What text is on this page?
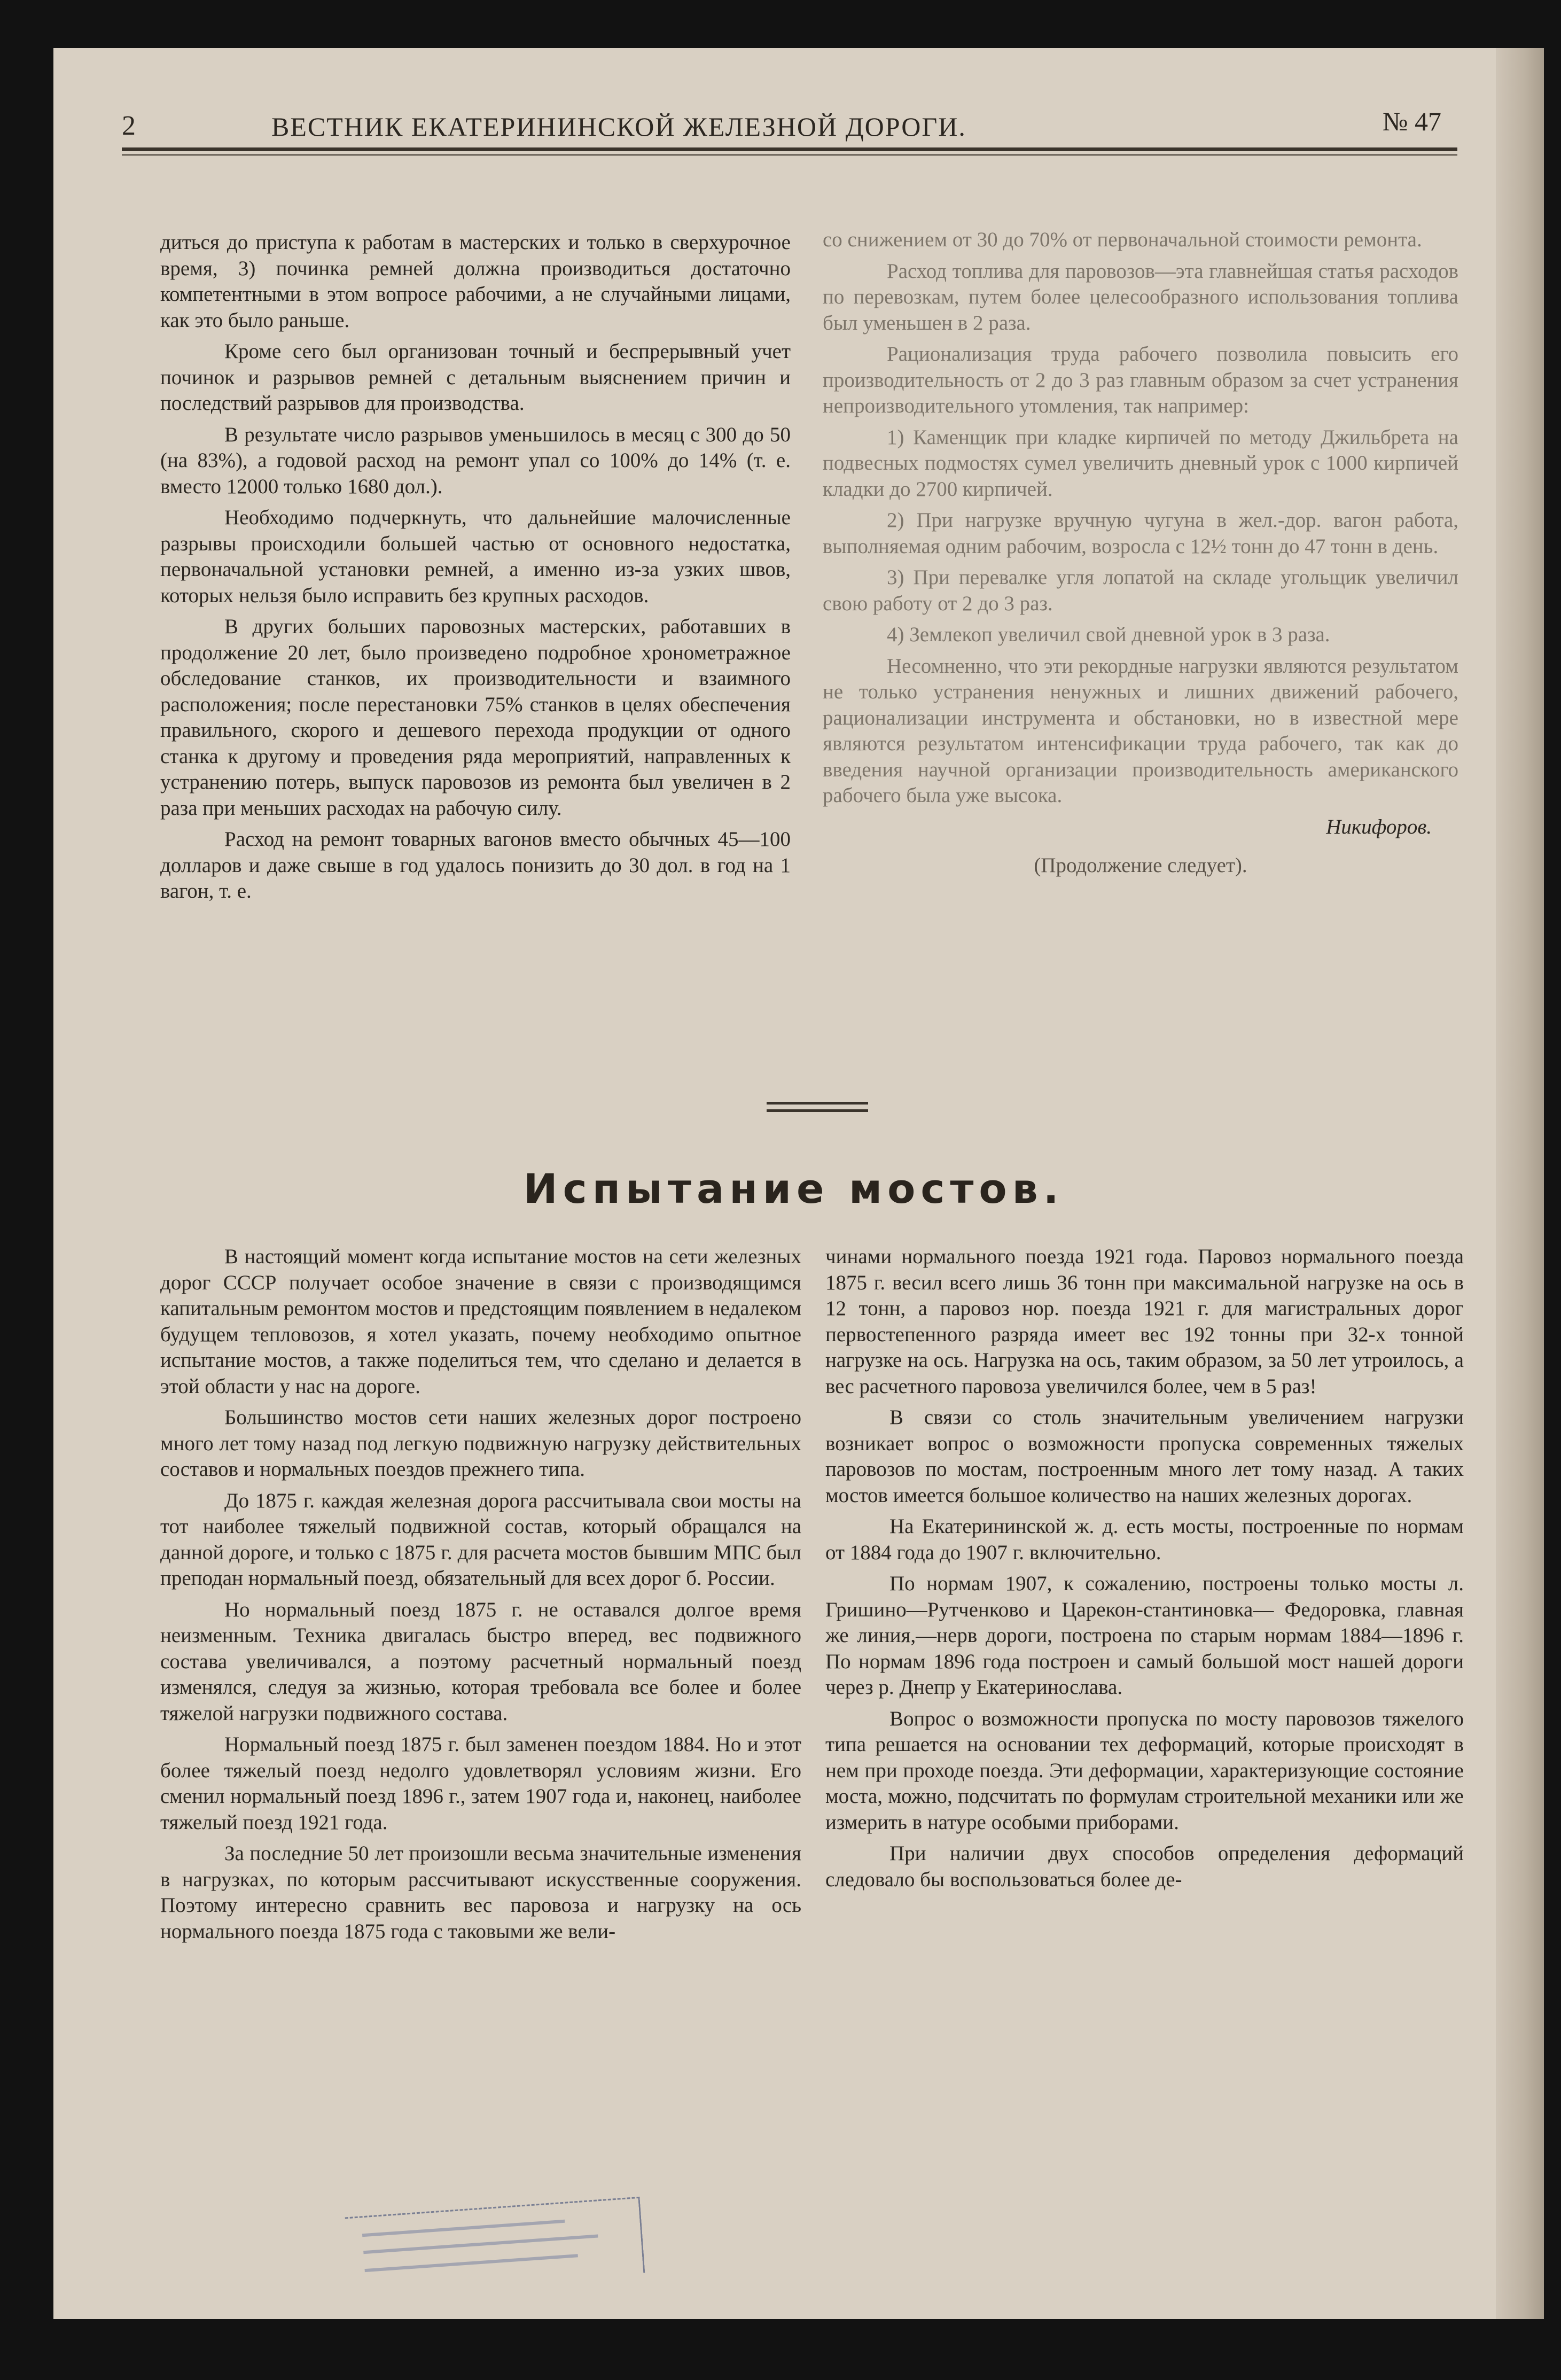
2	ВЕСТНИК ЕКАТЕРИНИНСКОЙ ЖЕЛЕЗНОЙ ДОРОГИ.	№ 47

диться до приступа к работам в мастерских и только в сверхурочное время, 3) починка ремней должна производиться достаточно компетентными в этом вопросе рабочими, а не случайными лицами, как это было раньше.

Кроме сего был организован точный и беспрерывный учет починок и разрывов ремней с детальным выяснением причин и последствий разрывов для производства.

В результате число разрывов уменьшилось в месяц с 300 до 50 (на 83%), а годовой расход на ремонт упал со 100% до 14% (т. е. вместо 12000 только 1680 дол.).

Необходимо подчеркнуть, что дальнейшие малочисленные разрывы происходили большей частью от основного недостатка, первоначальной установки ремней, а именно из-за узких швов, которых нельзя было исправить без крупных расходов.

В других больших паровозных мастерских, работавших в продолжение 20 лет, было произведено подробное хронометражное обследование станков, их производительности и взаимного расположения; после перестановки 75% станков в целях обеспечения правильного, скорого и дешевого перехода продукции от одного станка к другому и проведения ряда мероприятий, направленных к устранению потерь, выпуск паровозов из ремонта был увеличен в 2 раза при меньших расходах на рабочую силу.

Расход на ремонт товарных вагонов вместо обычных 45—100 долларов и даже свыше в год удалось понизить до 30 дол. в год на 1 вагон, т. е.

со снижением от 30 до 70% от первоначальной стоимости ремонта.

Расход топлива для паровозов—эта главнейшая статья расходов по перевозкам, путем более целесообразного использования топлива был уменьшен в 2 раза.

Рационализация труда рабочего позволила повысить его производительность от 2 до 3 раз главным образом за счет устранения непроизводительного утомления, так например:

1) Каменщик при кладке кирпичей по методу Джильбрета на подвесных подмостях сумел увеличить дневный урок с 1000 кирпичей кладки до 2700 кирпичей.

2) При нагрузке вручную чугуна в жел.-дор. вагон работа, выполняемая одним рабочим, возросла с 12½ тонн до 47 тонн в день.

3) При перевалке угля лопатой на складе угольщик увеличил свою работу от 2 до 3 раз.

4) Землекоп увеличил свой дневной урок в 3 раза.

Несомненно, что эти рекордные нагрузки являются результатом не только устранения ненужных и лишних движений рабочего, рационализации инструмента и обстановки, но в известной мере являются результатом интенсификации труда рабочего, так как до введения научной организации производительность американского рабочего была уже высока.

Никифоров.

(Продолжение следует).

Испытание мостов.

В настоящий момент когда испытание мостов на сети железных дорог СССР получает особое значение в связи с производящимся капитальным ремонтом мостов и предстоящим появлением в недалеком будущем тепловозов, я хотел указать, почему необходимо опытное испытание мостов, а также поделиться тем, что сделано и делается в этой области у нас на дороге.

Большинство мостов сети наших железных дорог построено много лет тому назад под легкую подвижную нагрузку действительных составов и нормальных поездов прежнего типа.

До 1875 г. каждая железная дорога рассчитывала свои мосты на тот наиболее тяжелый подвижной состав, который обращался на данной дороге, и только с 1875 г. для расчета мостов бывшим МПС был преподан нормальный поезд, обязательный для всех дорог б. России.

Но нормальный поезд 1875 г. не оставался долгое время неизменным. Техника двигалась быстро вперед, вес подвижного состава увеличивался, а поэтому расчетный нормальный поезд изменялся, следуя за жизнью, которая требовала все более и более тяжелой нагрузки подвижного состава.

Нормальный поезд 1875 г. был заменен поездом 1884. Но и этот более тяжелый поезд недолго удовлетворял условиям жизни. Его сменил нормальный поезд 1896 г., затем 1907 года и, наконец, наиболее тяжелый поезд 1921 года.

За последние 50 лет произошли весьма значительные изменения в нагрузках, по которым рассчитывают искусственные сооружения. Поэтому интересно сравнить вес паровоза и нагрузку на ось нормального поезда 1875 года с таковыми же вели-

чинами нормального поезда 1921 года. Паровоз нормального поезда 1875 г. весил всего лишь 36 тонн при максимальной нагрузке на ось в 12 тонн, а паровоз нор. поезда 1921 г. для магистральных дорог первостепенного разряда имеет вес 192 тонны при 32-х тонной нагрузке на ось. Нагрузка на ось, таким образом, за 50 лет утроилось, а вес расчетного паровоза увеличился более, чем в 5 раз!

В связи со столь значительным увеличением нагрузки возникает вопрос о возможности пропуска современных тяжелых паровозов по мостам, построенным много лет тому назад. А таких мостов имеется большое количество на наших железных дорогах.

На Екатерининской ж. д. есть мосты, построенные по нормам от 1884 года до 1907 г. включительно.

По нормам 1907, к сожалению, построены только мосты л. Гришино—Рутченково и Царекон-стантиновка— Федоровка, главная же линия,—нерв дороги, построена по старым нормам 1884—1896 г. По нормам 1896 года построен и самый большой мост нашей дороги через р. Днепр у Екатеринослава.

Вопрос о возможности пропуска по мосту паровозов тяжелого типа решается на основании тех деформаций, которые происходят в нем при проходе поезда. Эти деформации, характеризующие состояние моста, можно, подсчитать по формулам строительной механики или же измерить в натуре особыми приборами.

При наличии двух способов определения деформаций следовало бы воспользоваться более де-
